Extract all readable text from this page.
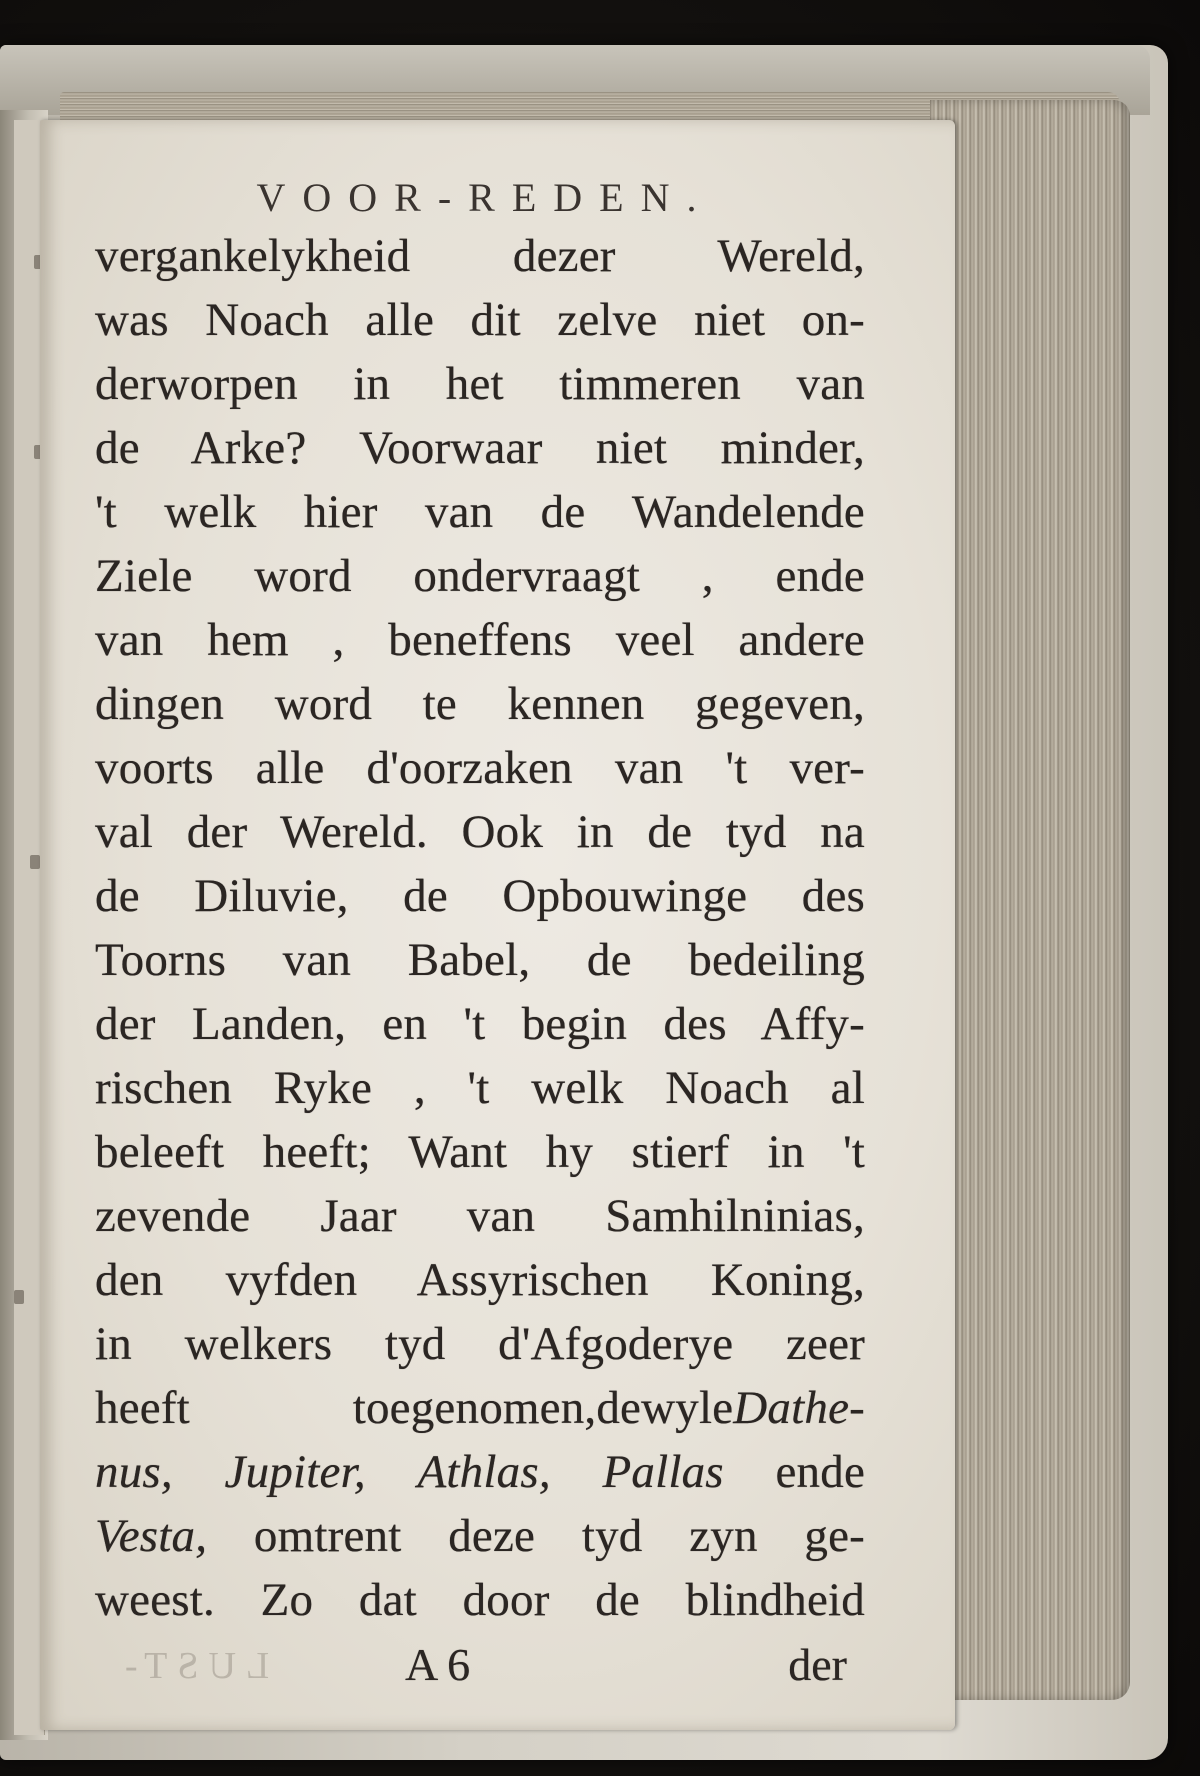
VOOR-REDEN.
vergankelykheid dezer Wereld,
was Noach alle dit zelve niet on-
derworpen in het timmeren van
de Arke? Voorwaar niet minder,
't welk hier van de Wandelende
Ziele word ondervraagt , ende
van hem , beneffens veel andere
dingen word te kennen gegeven,
voorts alle d'oorzaken van 't ver-
val der Wereld. Ook in de tyd na
de Diluvie, de Opbouwinge des
Toorns van Babel, de bedeiling
der Landen, en 't begin des Affy-
rischen Ryke , 't welk Noach al
beleeft heeft; Want hy stierf in 't
zevende Jaar van Samhilninias,
den vyfden Assyrischen Koning,
in welkers tyd d'Afgoderye zeer
heeft toegenomen,dewyleDathe-
nus, Jupiter, Athlas, Pallas ende
Vesta, omtrent deze tyd zyn ge-
weest. Zo dat door de blindheid
LUST-	A 6	der
